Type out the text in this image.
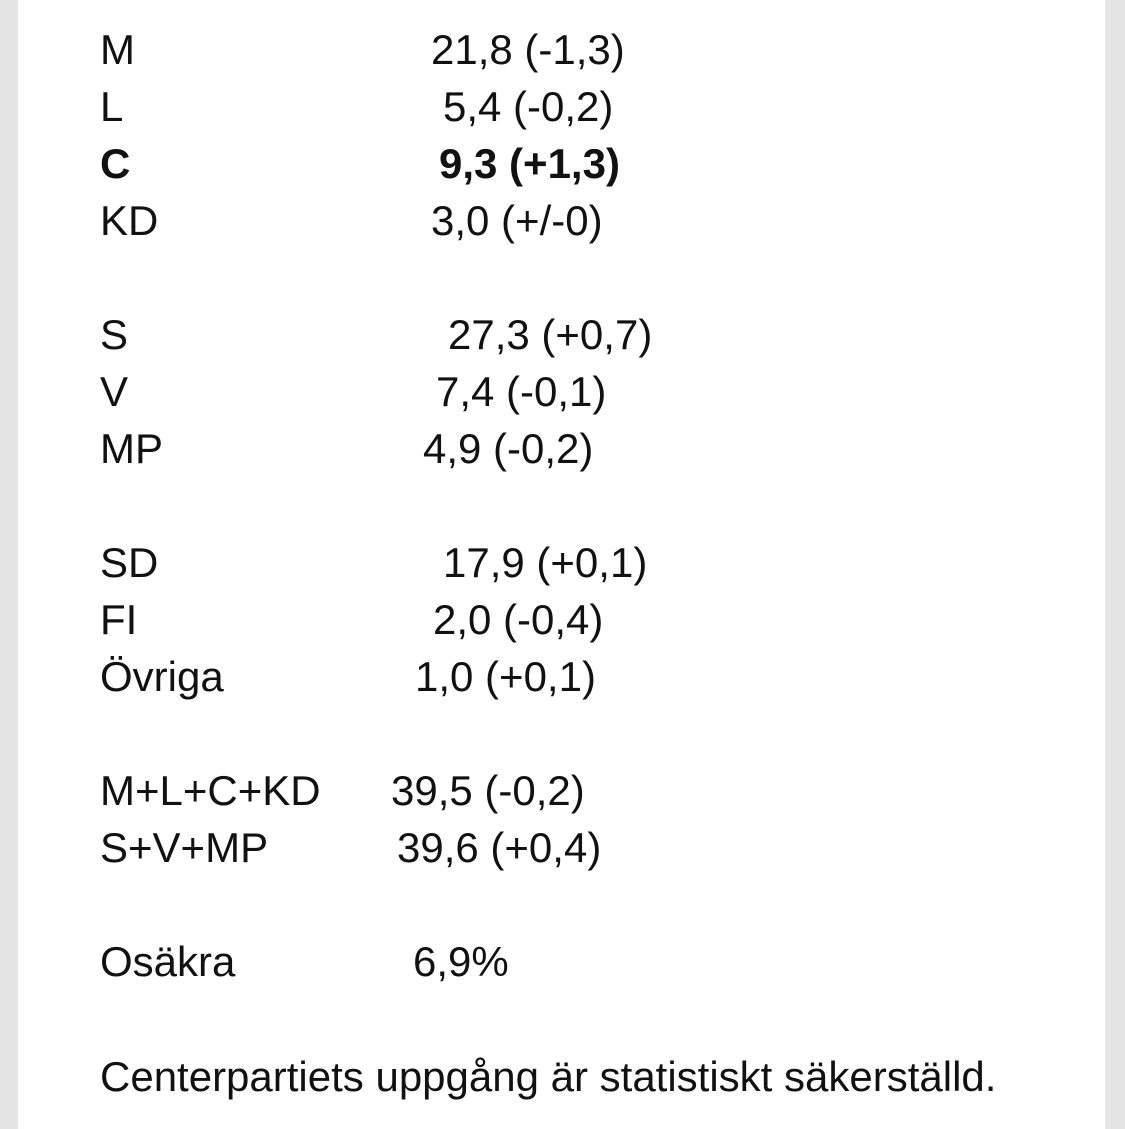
M	21,8 (-1,3)
L	5,4 (-0,2)
C	9,3 (+1,3)
KD	3,0 (+/-0)
S	27,3 (+0,7)
V	7,4 (-0,1)
MP	4,9 (-0,2)
SD	17,9 (+0,1)
FI	2,0 (-0,4)
Övriga	1,0 (+0,1)
M+L+C+KD 39,5 (-0,2)
S+V+MP	39,6 (+0,4)
Osäkra	6,9%
Centerpartiets uppgång är statistiskt säkerställd.
